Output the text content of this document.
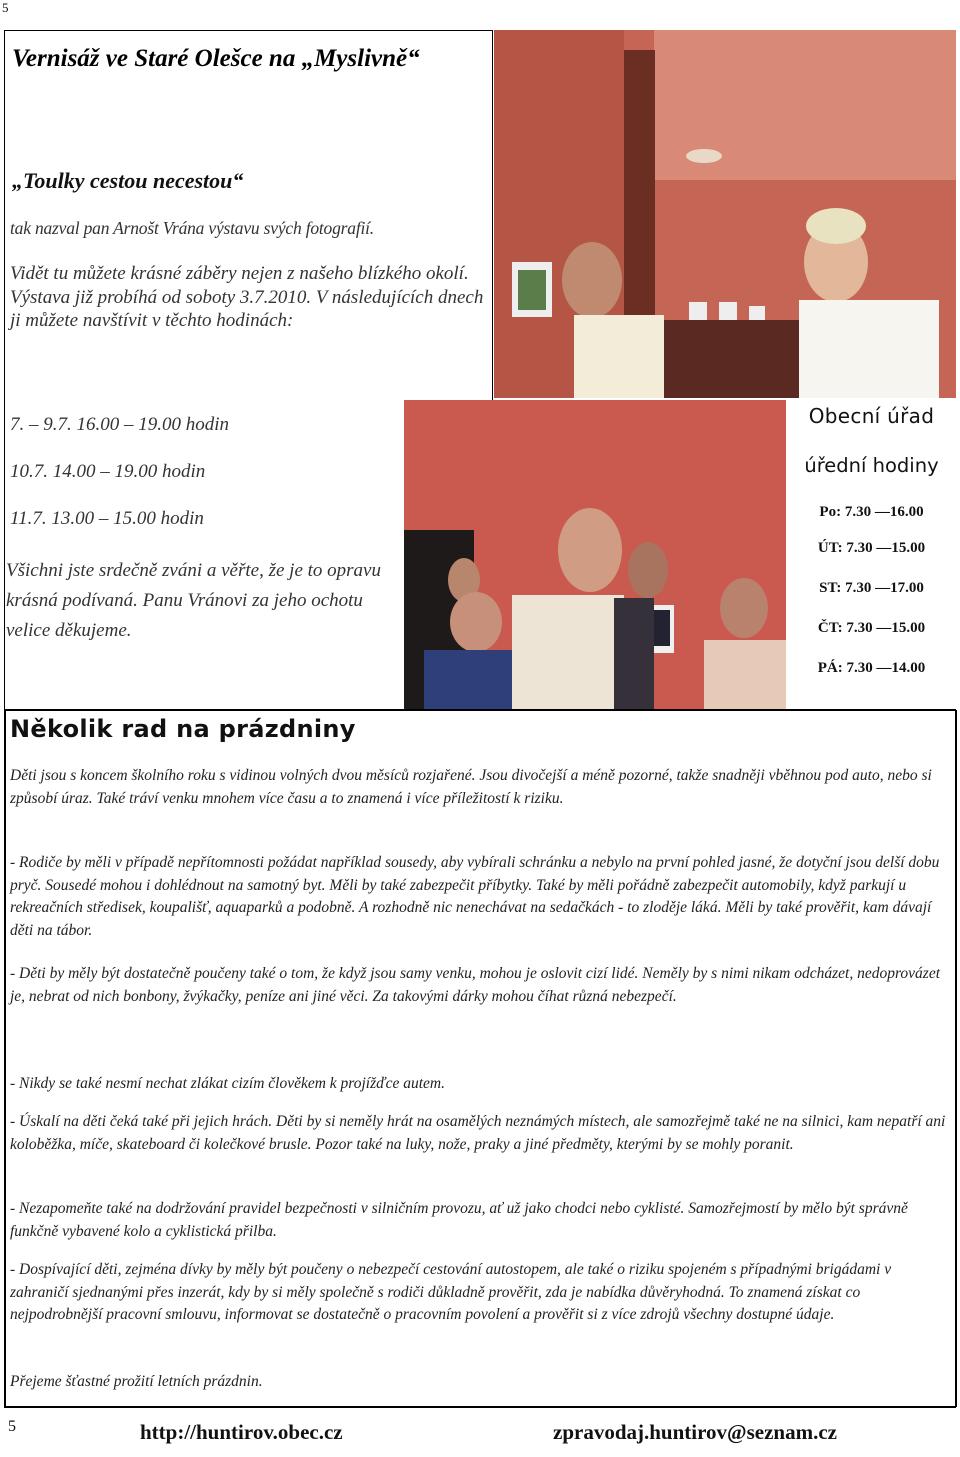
5
Vernisáž ve Staré Olešce na „Myslivně“
„Toulky cestou necestou“
tak nazval pan Arnošt Vrána výstavu svých fotografií.
Vidět tu můžete krásné záběry nejen z našeho blízkého okolí. Výstava již probíhá od soboty 3.7.2010. V následujících dnech ji můžete navštívit v těchto hodinách:
7. – 9.7. 16.00 – 19.00 hodin
10.7. 14.00 – 19.00 hodin
11.7. 13.00 – 15.00 hodin
Všichni jste srdečně zváni a věřte, že je to opravu krásná podívaná. Panu Vránovi za jeho ochotu velice děkujeme.
Obecní úřad
úřední hodiny
Po: 7.30 —16.00
ÚT: 7.30 —15.00
ST: 7.30 —17.00
ČT: 7.30 —15.00
PÁ: 7.30 —14.00
Několik rad na prázdniny
Děti jsou s koncem školního roku s vidinou volných dvou měsíců rozjařené. Jsou divočejší a méně pozorné, takže snadněji vběhnou pod auto, nebo si způsobí úraz. Také tráví venku mnohem více času a to znamená i více příležitostí k riziku.
- Rodiče by měli v případě nepřítomnosti požádat například sousedy, aby vybírali schránku a nebylo na první pohled jasné, že dotyční jsou delší dobu pryč. Sousedé mohou i dohlédnout na samotný byt. Měli by také zabezpečit příbytky. Také by měli pořádně zabezpečit automobily, když parkují u rekreačních středisek, koupališť, aquaparků a podobně. A rozhodně nic nenechávat na sedačkách - to zloděje láká. Měli by také prověřit, kam dávají děti na tábor.
- Děti by měly být dostatečně poučeny také o tom, že když jsou samy venku, mohou je oslovit cizí lidé. Neměly by s nimi nikam odcházet, nedoprovázet je, nebrat od nich bonbony, žvýkačky, peníze ani jiné věci. Za takovými dárky mohou číhat různá nebezpečí.
- Nikdy se také nesmí nechat zlákat cizím člověkem k projížďce autem.
- Úskalí na děti čeká také při jejich hrách. Děti by si neměly hrát na osamělých neznámých místech, ale samozřejmě také ne na silnici, kam nepatří ani koloběžka, míče, skateboard či kolečkové brusle. Pozor také na luky, nože, praky a jiné předměty, kterými by se mohly poranit.
- Nezapomeňte také na dodržování pravidel bezpečnosti v silničním provozu, ať už jako chodci nebo cyklisté. Samozřejmostí by mělo být správně funkčně vybavené kolo a cyklistická přilba.
- Dospívající děti, zejména dívky by měly být poučeny o nebezpečí cestování autostopem, ale také o riziku spojeném s případnými brigádami v zahraničí sjednanými přes inzerát, kdy by si měly společně s rodiči důkladně prověřit, zda je nabídka důvěryhodná. To znamená získat co nejpodrobnější pracovní smlouvu, informovat se dostatečně o pracovním povolení a prověřit si z více zdrojů všechny dostupné údaje.
Přejeme šťastné prožití letních prázdnin.
5	http://huntirov.obec.cz	zpravodaj.huntirov@seznam.cz
